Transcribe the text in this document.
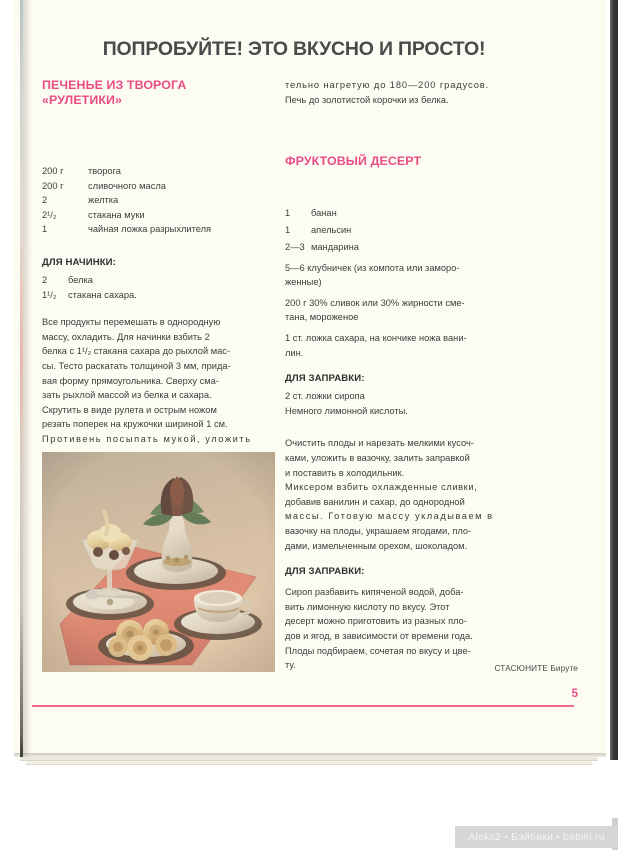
ПОПРОБУЙТЕ! ЭТО ВКУСНО И ПРОСТО!
ПЕЧЕНЬЕ ИЗ ТВОРОГА
«РУЛЕТИКИ»
200 г	творога
200 г	сливочного масла
2	желтка
2¹/₂	стакана муки
1	чайная ложка разрыхлителя
ДЛЯ НАЧИНКИ:
2	белка
1¹/₂	стакана сахара.
Все продукты перемешать в однородную
массу, охладить. Для начинки взбить 2
белка с 1¹/₂ стакана сахара до рыхлой мас-
сы. Тесто раскатать толщиной 3 мм, прида-
вая форму прямоугольника. Сверху сма-
зать рыхлой массой из белка и сахара.
Скрутить в виде рулета и острым ножом
резать поперек на кружочки шириной 1 см.
Противень посыпать мукой, уложить
тельно нагретую до 180—200 градусов.
Печь до золотистой корочки из белка.
ФРУКТОВЫЙ ДЕСЕРТ
1	банан
1	апельсин
2—3 мандарина
5—6 клубничек (из компота или заморо-
женные)
200 г 30% сливок или 30% жирности сме-
тана, мороженое
1 ст. ложка сахара, на кончике ножа вани-
лин.
ДЛЯ ЗАПРАВКИ:
2 ст. ложки сиропа
Немного лимонной кислоты.
Очистить плоды и нарезать мелкими кусоч-
ками, уложить в вазочку, залить заправкой
и поставить в холодильник.
Миксером взбить охлажденные сливки,
добавив ванилин и сахар, до однородной
массы. Готовую массу укладываем в
вазочку на плоды, украшаем ягодами, пло-
дами, измельченным орехом, шоколадом.
ДЛЯ ЗАПРАВКИ:
Сироп разбавить кипяченой водой, доба-
вить лимонную кислоту по вкусу. Этот
десерт можно приготовить из разных пло-
дов и ягод, в зависимости от времени года.
Плоды подбираем, сочетая по вкусу и цве-
ту.	СТАСЮНИТЕ Бируте
5
Aleks2 • Бэйбики • babiki.ru
